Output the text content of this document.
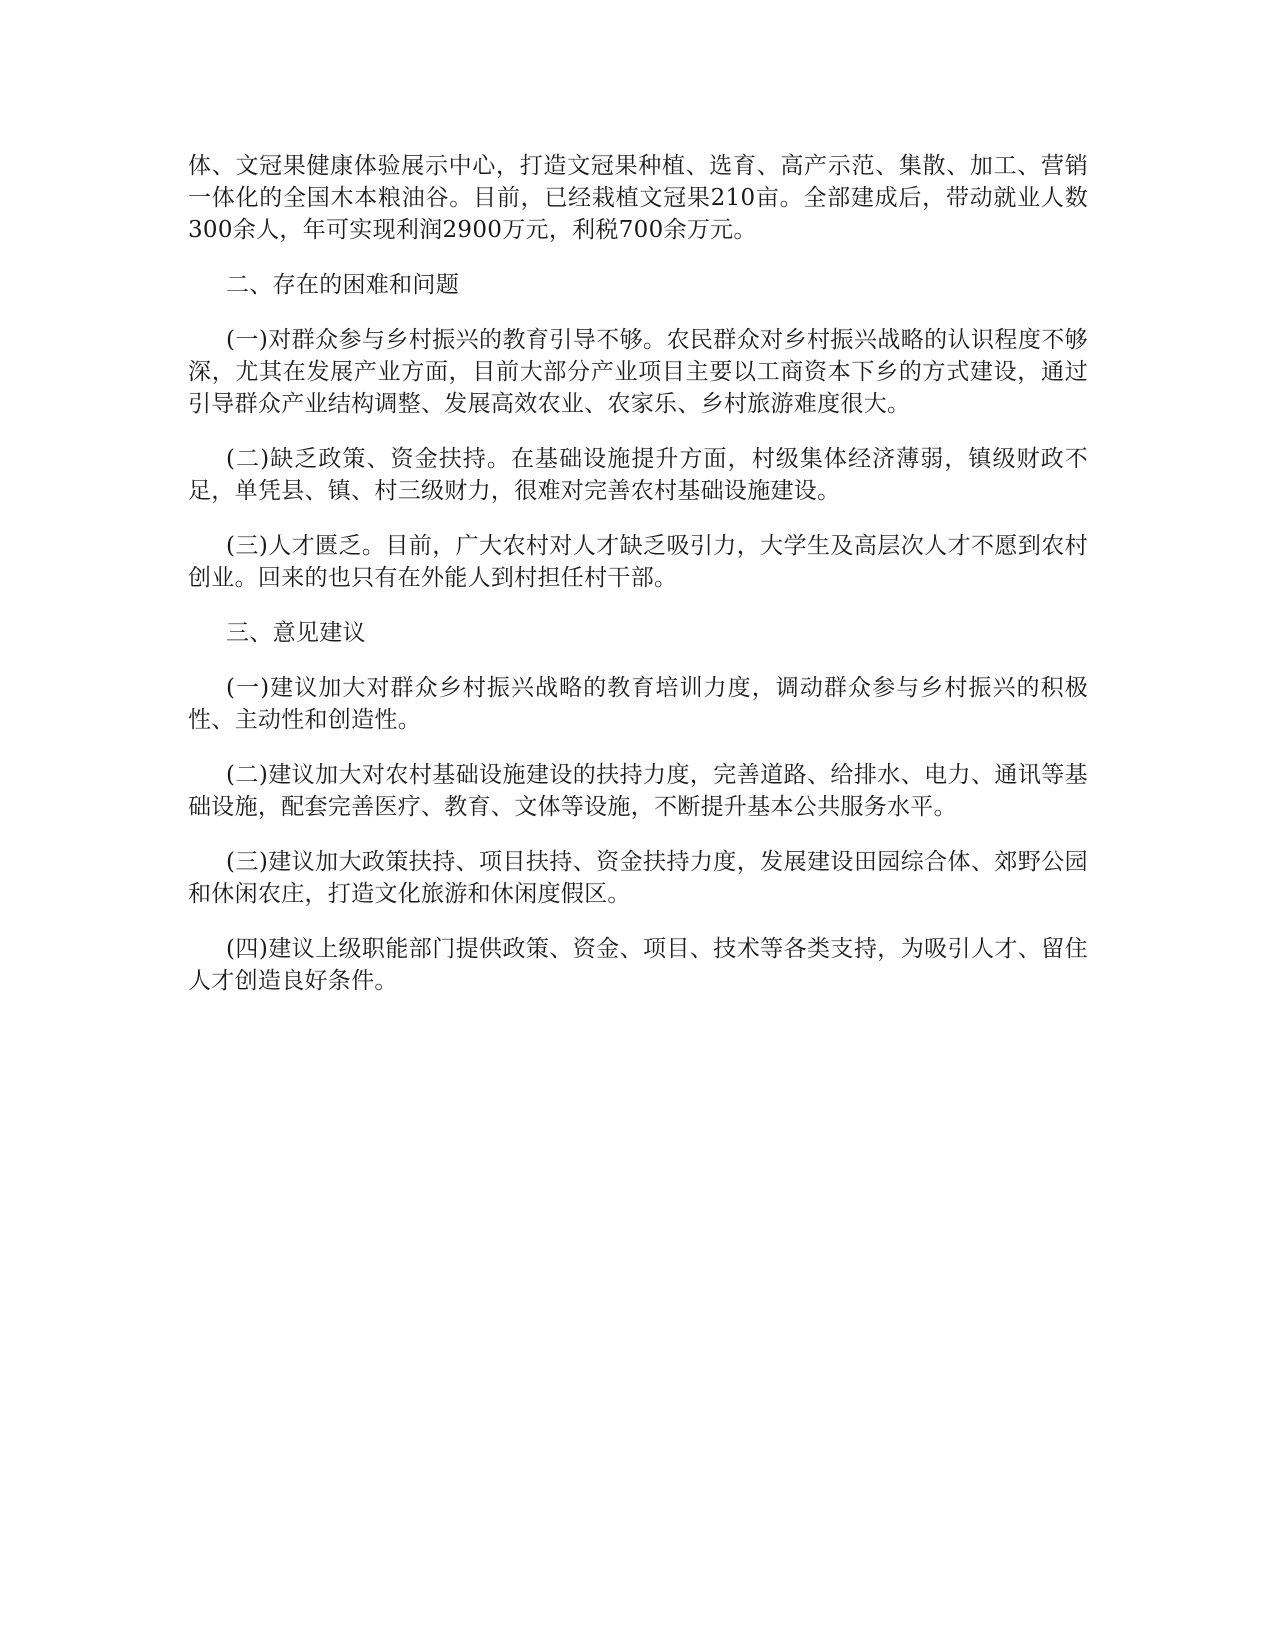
体、文冠果健康体验展示中心，打造文冠果种植、选育、高产示范、集散、加工、营销一体化的全国木本粮油谷。目前，已经栽植文冠果210亩。全部建成后，带动就业人数300余人，年可实现利润2900万元，利税700余万元。

二、存在的困难和问题

(一)对群众参与乡村振兴的教育引导不够。农民群众对乡村振兴战略的认识程度不够深，尤其在发展产业方面，目前大部分产业项目主要以工商资本下乡的方式建设，通过引导群众产业结构调整、发展高效农业、农家乐、乡村旅游难度很大。

(二)缺乏政策、资金扶持。在基础设施提升方面，村级集体经济薄弱，镇级财政不足，单凭县、镇、村三级财力，很难对完善农村基础设施建设。

(三)人才匮乏。目前，广大农村对人才缺乏吸引力，大学生及高层次人才不愿到农村创业。回来的也只有在外能人到村担任村干部。

三、意见建议

(一)建议加大对群众乡村振兴战略的教育培训力度，调动群众参与乡村振兴的积极性、主动性和创造性。

(二)建议加大对农村基础设施建设的扶持力度，完善道路、给排水、电力、通讯等基础设施，配套完善医疗、教育、文体等设施，不断提升基本公共服务水平。

(三)建议加大政策扶持、项目扶持、资金扶持力度，发展建设田园综合体、郊野公园和休闲农庄，打造文化旅游和休闲度假区。

(四)建议上级职能部门提供政策、资金、项目、技术等各类支持，为吸引人才、留住人才创造良好条件。
